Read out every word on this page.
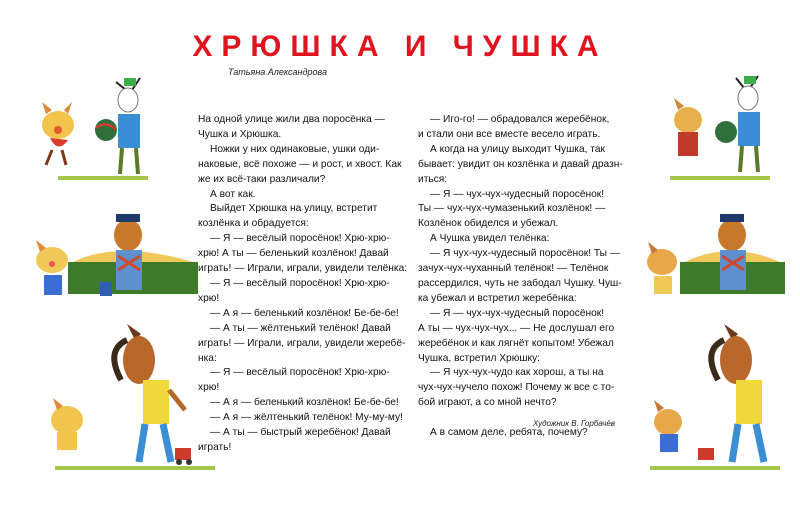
ХРЮШКА И ЧУШКА
Татьяна Александрова
На одной улице жили два поросёнка —
Чушка и Хрюшка.
Ножки у них одинаковые, ушки оди-
наковые, всё похоже — и рост, и хвост. Как
же их всё-таки различали?
А вот как.
Выйдет Хрюшка на улицу, встретит
козлёнка и обрадуется:
— Я — весёлый поросёнок! Хрю-хрю-
хрю! А ты — беленький козлёнок! Давай
играть! — Играли, играли, увидели телёнка:
— Я — весёлый поросёнок! Хрю-хрю-
хрю!
— А я — беленький козлёнок! Бе-бе-бе!
— А ты — жёлтенький телёнок! Давай
играть! — Играли, играли, увидели жеребё-
нка:
— Я — весёлый поросёнок! Хрю-хрю-
хрю!
— А я — беленький козлёнок! Бе-бе-бе!
— А я — жёлтенький телёнок! Му-му-му!
— А ты — быстрый жеребёнок! Давай
играть!
— Иго-го! — обрадовался жеребёнок,
и стали они все вместе весело играть.
А когда на улицу выходит Чушка, так
бывает: увидит он козлёнка и давай дразн-
иться:
— Я — чух-чух-чудесный поросёнок!
Ты — чух-чух-чумазенький козлёнок! —
Козлёнок обиделся и убежал.
А Чушка увидел телёнка:
— Я чух-чух-чудесный поросёнок! Ты —
зачух-чух-чуханный телёнок! — Телёнок
рассердился, чуть не забодал Чушку. Чуш-
ка убежал и встретил жеребёнка:
— Я — чух-чух-чудесный поросёнок!
А ты — чух-чух-чух... — Не дослушал его
жеребёнок и как лягнёт копытом! Убежал
Чушка, встретил Хрюшку:
— Я чух-чух-чудо как хорош, а ты на
чух-чух-чучело похож! Почему ж все с то-
бой играют, а со мной нечто?
А в самом деле, ребята, почему?
Художник В. Горбачёв
